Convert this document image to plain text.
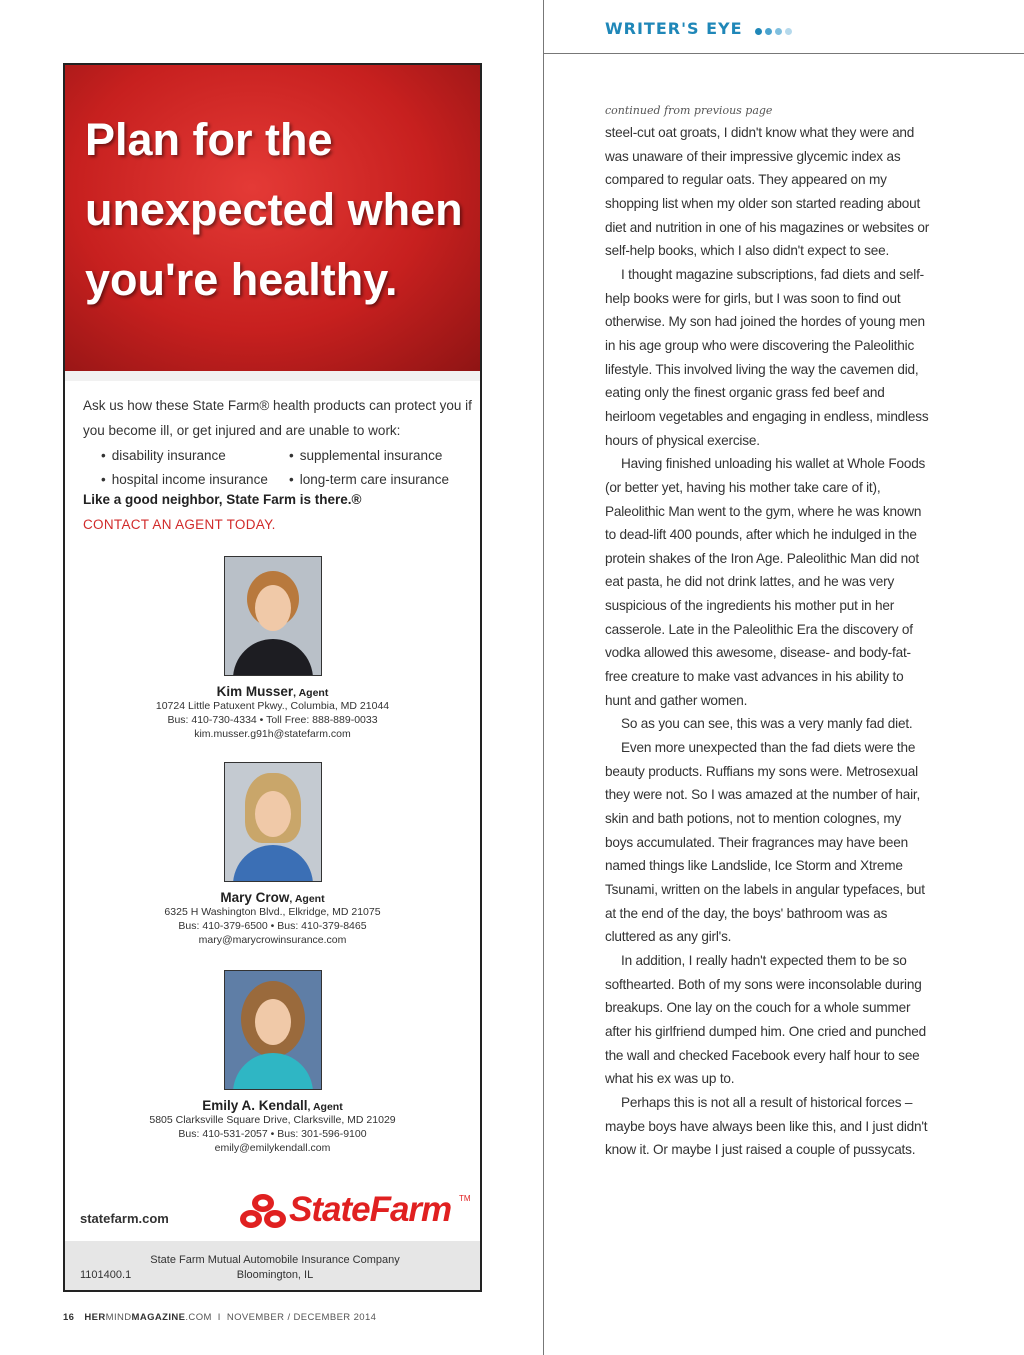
WRITER'S EYE
Plan for the unexpected when you're healthy.
Ask us how these State Farm® health products can protect you if you become ill, or get injured and are unable to work:
• disability insurance	• supplemental insurance
• hospital income insurance	• long-term care insurance
Like a good neighbor, State Farm is there.®
CONTACT AN AGENT TODAY.
Kim Musser, Agent
10724 Little Patuxent Pkwy., Columbia, MD 21044
Bus: 410-730-4334 • Toll Free: 888-889-0033
kim.musser.g91h@statefarm.com
Mary Crow, Agent
6325 H Washington Blvd., Elkridge, MD 21075
Bus: 410-379-6500 • Bus: 410-379-8465
mary@marycrowinsurance.com
Emily A. Kendall, Agent
5805 Clarksville Square Drive, Clarksville, MD 21029
Bus: 410-531-2057 • Bus: 301-596-9100
emily@emilykendall.com
statefarm.com	StateFarm TM
1101400.1
State Farm Mutual Automobile Insurance Company
Bloomington, IL
16 HERMINDMAGAZINE.COM I NOVEMBER / DECEMBER 2014
continued from previous page

steel-cut oat groats, I didn't know what they were and was unaware of their impressive glycemic index as compared to regular oats. They appeared on my shopping list when my older son started reading about diet and nutrition in one of his magazines or websites or self-help books, which I also didn't expect to see.

I thought magazine subscriptions, fad diets and self-help books were for girls, but I was soon to find out otherwise. My son had joined the hordes of young men in his age group who were discovering the Paleolithic lifestyle. This involved living the way the cavemen did, eating only the finest organic grass fed beef and heirloom vegetables and engaging in endless, mindless hours of physical exercise.

Having finished unloading his wallet at Whole Foods (or better yet, having his mother take care of it), Paleolithic Man went to the gym, where he was known to dead-lift 400 pounds, after which he indulged in the protein shakes of the Iron Age. Paleolithic Man did not eat pasta, he did not drink lattes, and he was very suspicious of the ingredients his mother put in her casserole. Late in the Paleolithic Era the discovery of vodka allowed this awesome, disease- and body-fat-free creature to make vast advances in his ability to hunt and gather women.

So as you can see, this was a very manly fad diet.

Even more unexpected than the fad diets were the beauty products. Ruffians my sons were. Metrosexual they were not. So I was amazed at the number of hair, skin and bath potions, not to mention colognes, my boys accumulated. Their fragrances may have been named things like Landslide, Ice Storm and Xtreme Tsunami, written on the labels in angular typefaces, but at the end of the day, the boys' bathroom was as cluttered as any girl's.

In addition, I really hadn't expected them to be so softhearted. Both of my sons were inconsolable during breakups. One lay on the couch for a whole summer after his girlfriend dumped him. One cried and punched the wall and checked Facebook every half hour to see what his ex was up to.

Perhaps this is not all a result of historical forces – maybe boys have always been like this, and I just didn't know it. Or maybe I just raised a couple of pussycats.
